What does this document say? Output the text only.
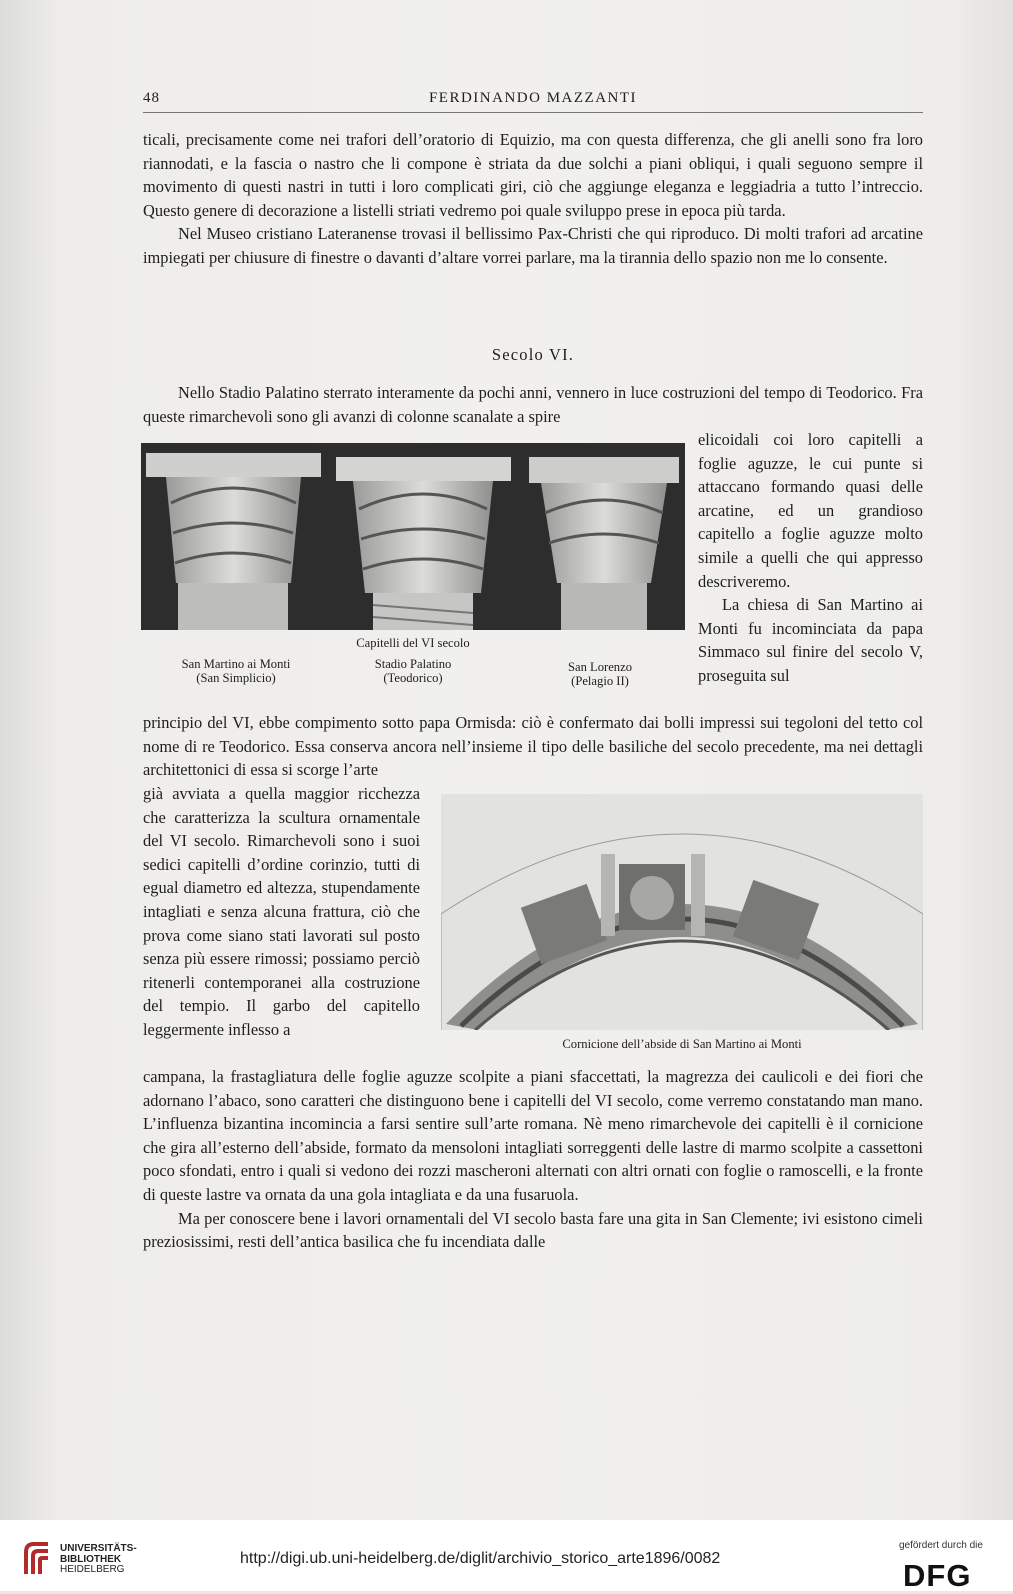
48	FERDINANDO MAZZANTI

ticali, precisamente come nei trafori dell’oratorio di Equizio, ma con questa differenza, che gli anelli sono fra loro riannodati, e la fascia o nastro che li compone è striata da due solchi a piani obliqui, i quali seguono sempre il movimento di questi nastri in tutti i loro complicati giri, ciò che aggiunge eleganza e leggiadria a tutto l’intreccio. Questo genere di decorazione a listelli striati vedremo poi quale sviluppo prese in epoca più tarda.

Nel Museo cristiano Lateranense trovasi il bellissimo Pax-Christi che qui riproduco. Di molti trafori ad arcatine impiegati per chiusure di finestre o davanti d’altare vorrei parlare, ma la tirannia dello spazio non me lo consente.

Secolo VI.

Nello Stadio Palatino sterrato interamente da pochi anni, vennero in luce costruzioni del tempo di Teodorico. Fra queste rimarchevoli sono gli avanzi di colonne scanalate a spire

elicoidali coi loro capitelli a foglie aguzze, le cui punte si attaccano formando quasi delle arcatine, ed un grandioso capitello a foglie aguzze molto simile a quelli che qui appresso descriveremo.

La chiesa di San Martino ai Monti fu incominciata da papa Simmaco sul finire del secolo V, proseguita sul

Capitelli del VI secolo
San Martino ai Monti
(San Simplicio)
Stadio Palatino
(Teodorico)
San Lorenzo
(Pelagio II)

principio del VI, ebbe compimento sotto papa Ormisda: ciò è confermato dai bolli impressi sui tegoloni del tetto col nome di re Teodorico. Essa conserva ancora nell’insieme il tipo delle basiliche del secolo precedente, ma nei dettagli architettonici di essa si scorge l’arte

già avviata a quella maggior ricchezza che caratterizza la scultura ornamentale del VI secolo. Rimarchevoli sono i suoi sedici capitelli d’ordine corinzio, tutti di egual diametro ed altezza, stupendamente intagliati e senza alcuna frattura, ciò che prova come siano stati lavorati sul posto senza più essere rimossi; possiamo perciò ritenerli contemporanei alla costruzione del tempio. Il garbo del capitello leggermente inflesso a

Cornicione dell’abside di San Martino ai Monti

campana, la frastagliatura delle foglie aguzze scolpite a piani sfaccettati, la magrezza dei caulicoli e dei fiori che adornano l’abaco, sono caratteri che distinguono bene i capitelli del VI secolo, come verremo constatando man mano. L’influenza bizantina incomincia a farsi sentire sull’arte romana. Nè meno rimarchevole dei capitelli è il cornicione che gira all’esterno dell’abside, formato da mensoloni intagliati sorreggenti delle lastre di marmo scolpite a cassettoni poco sfondati, entro i quali si vedono dei rozzi mascheroni alternati con altri ornati con foglie o ramoscelli, e la fronte di queste lastre va ornata da una gola intagliata e da una fusaruola.

Ma per conoscere bene i lavori ornamentali del VI secolo basta fare una gita in San Clemente; ivi esistono cimeli preziosissimi, resti dell’antica basilica che fu incendiata dalle

UNIVERSITÄTS-
BIBLIOTHEK
HEIDELBERG
http://digi.ub.uni-heidelberg.de/diglit/archivio_storico_arte1896/0082
gefördert durch die
DFG
